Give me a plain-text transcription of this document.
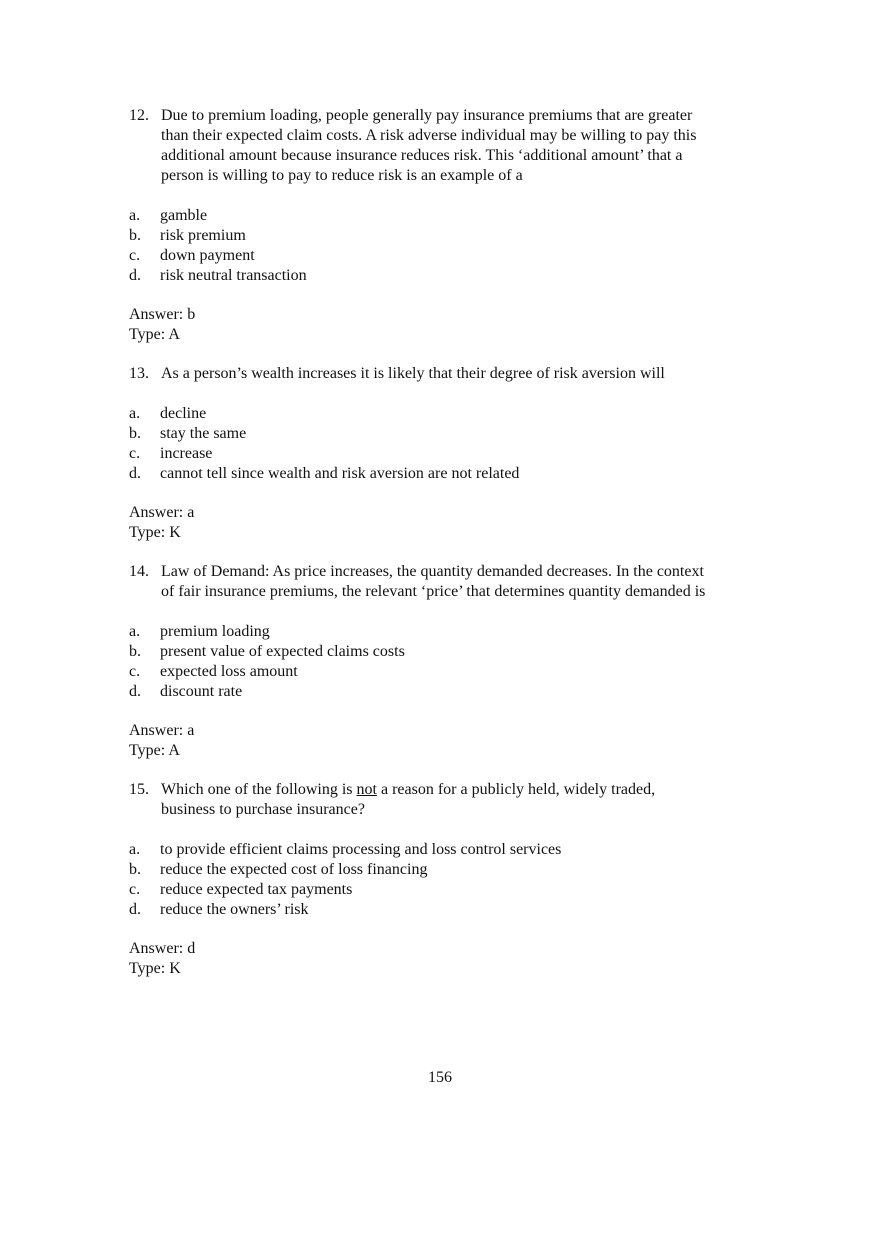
12. Due to premium loading, people generally pay insurance premiums that are greater
than their expected claim costs. A risk adverse individual may be willing to pay this
additional amount because insurance reduces risk. This ‘additional amount’ that a
person is willing to pay to reduce risk is an example of a
a.	gamble
b.	risk premium
c.	down payment
d.	risk neutral transaction
Answer: b
Type: A
13. As a person’s wealth increases it is likely that their degree of risk aversion will
a.	decline
b.	stay the same
c.	increase
d.	cannot tell since wealth and risk aversion are not related
Answer: a
Type: K
14. Law of Demand: As price increases, the quantity demanded decreases. In the context
of fair insurance premiums, the relevant ‘price’ that determines quantity demanded is
a.	premium loading
b.	present value of expected claims costs
c.	expected loss amount
d.	discount rate
Answer: a
Type: A
15. Which one of the following is not a reason for a publicly held, widely traded,
business to purchase insurance?
a.	to provide efficient claims processing and loss control services
b.	reduce the expected cost of loss financing
c.	reduce expected tax payments
d.	reduce the owners’ risk
Answer: d
Type: K
156
